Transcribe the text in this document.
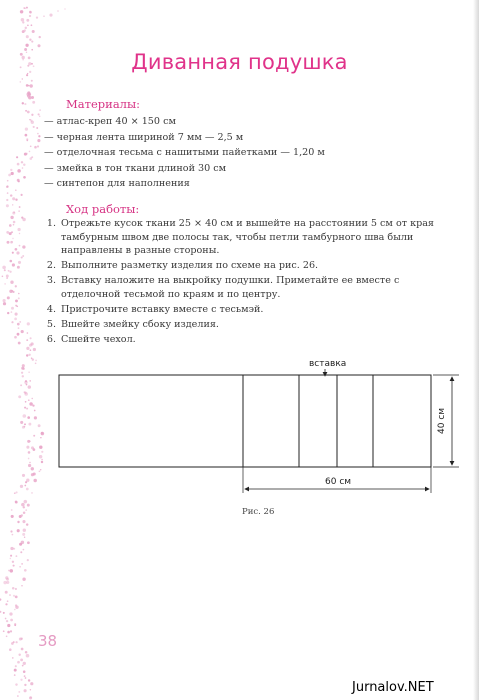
Диванная подушка
Материалы:
— атлас-креп 40 × 150 см
— черная лента шириной 7 мм — 2,5 м
— отделочная тесьма с нашитыми пайетками — 1,20 м
— змейка в тон ткани длиной 30 см
— синтепон для наполнения
Ход работы:
1. Отрежьте кусок ткани 25 × 40 см и вышейте на расстоянии 5 см от края тамбурным швом две полосы так, чтобы петли тамбурного шва были направлены в разные стороны.
2. Выполните разметку изделия по схеме на рис. 26.
3. Вставку наложите на выкройку подушки. Приметайте ее вместе с отделочной тесьмой по краям и по центру.
4. Пристрочите вставку вместе с тесьмэй.
5. Вшейте змейку сбоку изделия.
6. Сшейте чехол.
вставка
40 см
60 см
Рис. 26
38
Jurnalov.NET
